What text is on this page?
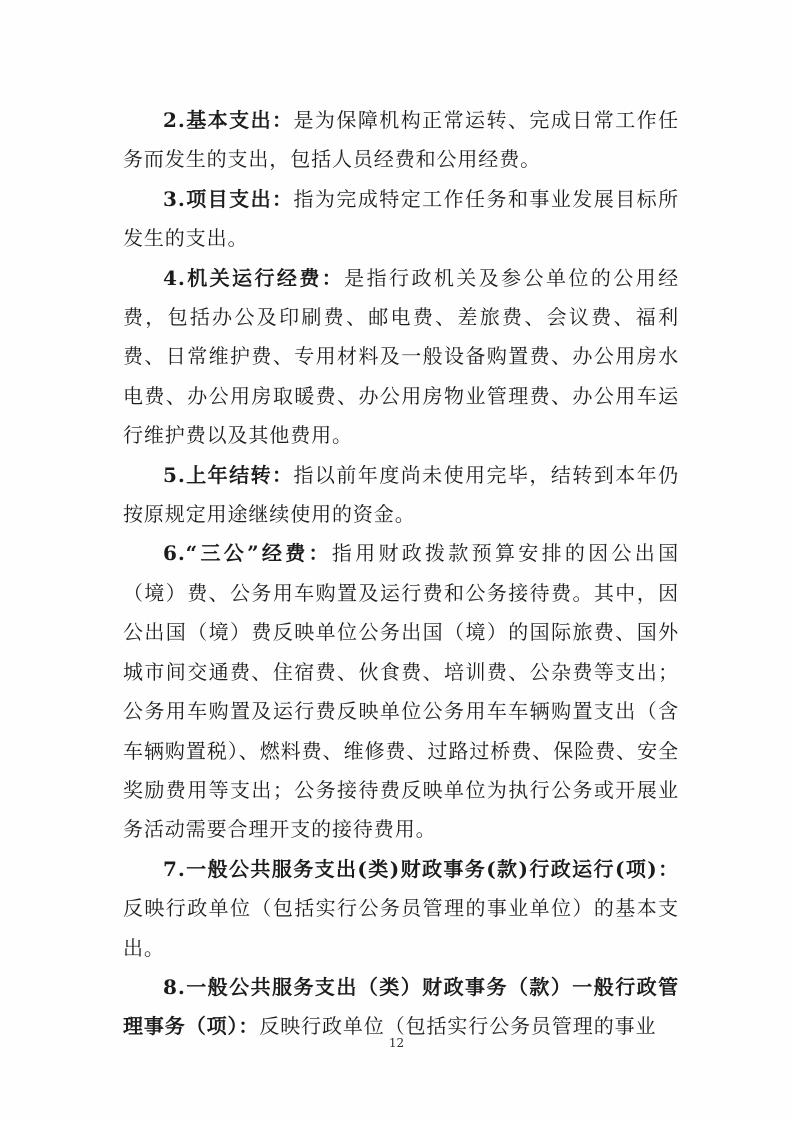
2.基本支出：是为保障机构正常运转、完成日常工作任务而发生的支出，包括人员经费和公用经费。

3.项目支出：指为完成特定工作任务和事业发展目标所发生的支出。

4.机关运行经费：是指行政机关及参公单位的公用经费，包括办公及印刷费、邮电费、差旅费、会议费、福利费、日常维护费、专用材料及一般设备购置费、办公用房水电费、办公用房取暖费、办公用房物业管理费、办公用车运行维护费以及其他费用。

5.上年结转：指以前年度尚未使用完毕，结转到本年仍按原规定用途继续使用的资金。

6.“三公”经费：指用财政拨款预算安排的因公出国（境）费、公务用车购置及运行费和公务接待费。其中，因公出国（境）费反映单位公务出国（境）的国际旅费、国外城市间交通费、住宿费、伙食费、培训费、公杂费等支出；公务用车购置及运行费反映单位公务用车车辆购置支出（含车辆购置税）、燃料费、维修费、过路过桥费、保险费、安全奖励费用等支出；公务接待费反映单位为执行公务或开展业务活动需要合理开支的接待费用。

7.一般公共服务支出(类)财政事务(款)行政运行(项)：反映行政单位（包括实行公务员管理的事业单位）的基本支出。

8.一般公共服务支出（类）财政事务（款）一般行政管理事务（项）：反映行政单位（包括实行公务员管理的事业

12
